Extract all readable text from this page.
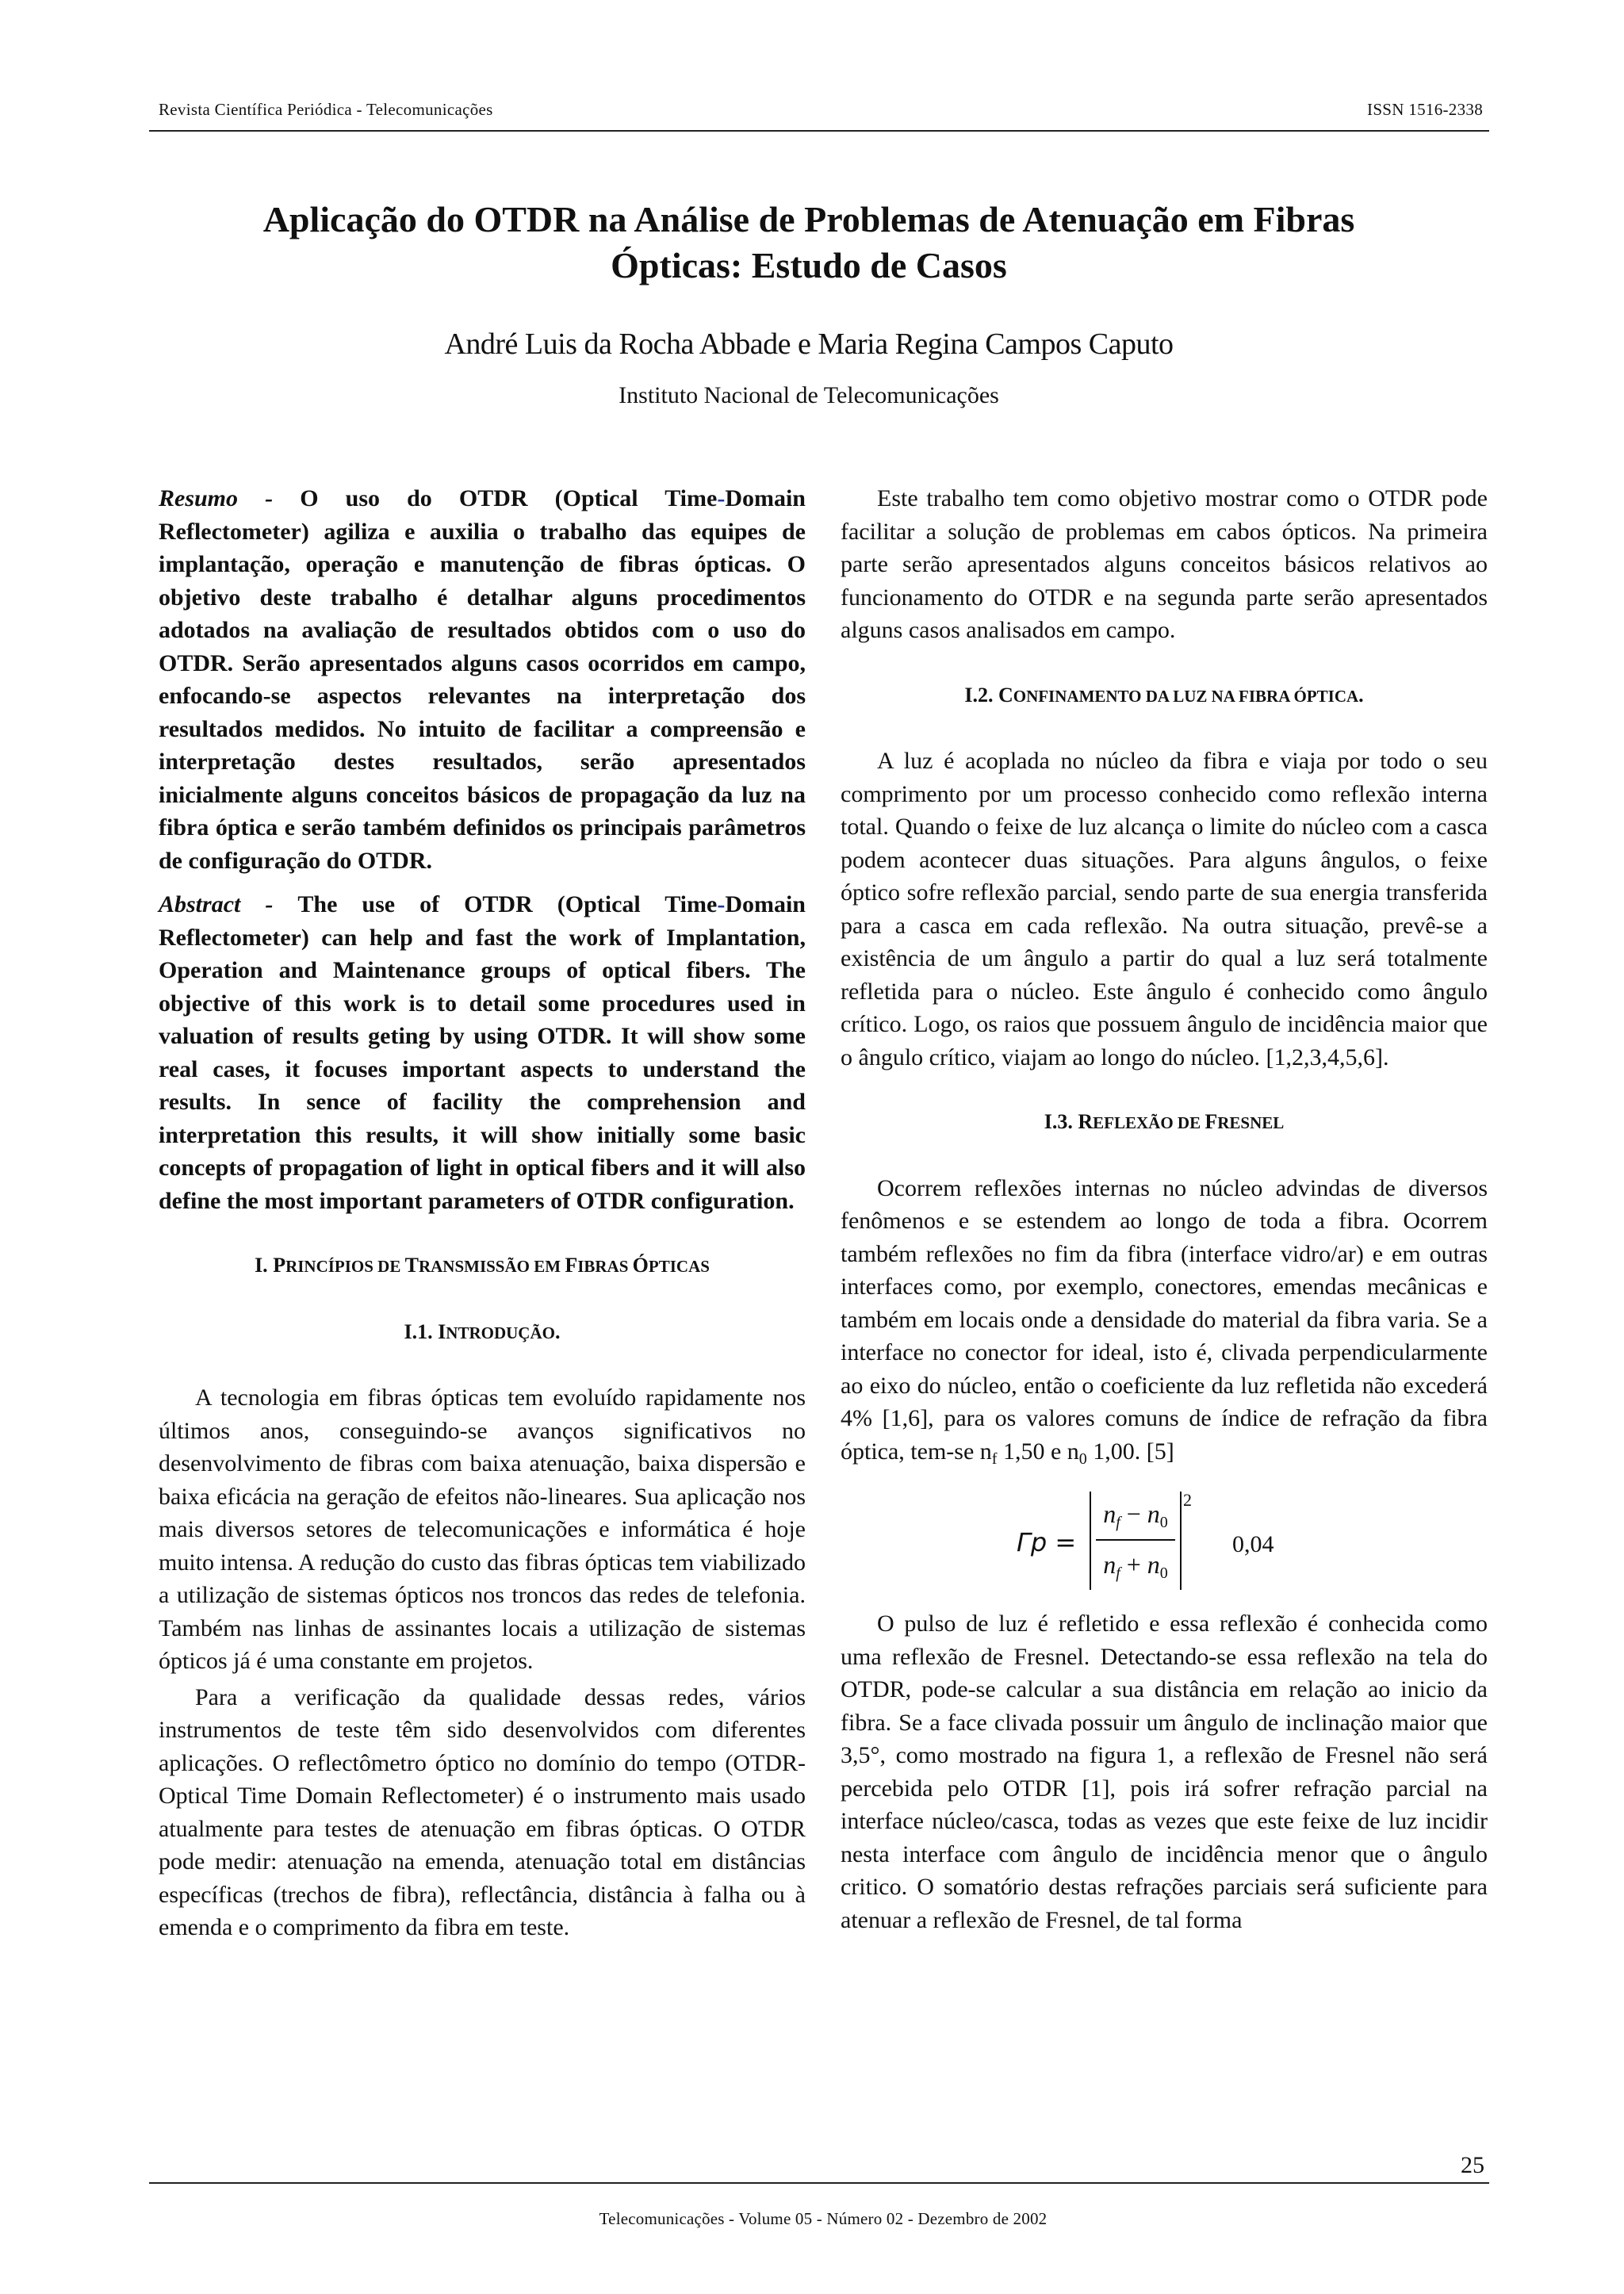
Revista Científica Periódica - Telecomunicações	ISSN 1516-2338
Aplicação do OTDR na Análise de Problemas de Atenuação em Fibras
Ópticas: Estudo de Casos
André Luis da Rocha Abbade e Maria Regina Campos Caputo
Instituto Nacional de Telecomunicações

Resumo - O uso do OTDR (Optical Time-Domain Reflectometer) agiliza e auxilia o trabalho das equipes de implantação, operação e manutenção de fibras ópticas. O objetivo deste trabalho é detalhar alguns procedimentos adotados na avaliação de resultados obtidos com o uso do OTDR. Serão apresentados alguns casos ocorridos em campo, enfocando-se aspectos relevantes na interpretação dos resultados medidos. No intuito de facilitar a compreensão e interpretação destes resultados, serão apresentados inicialmente alguns conceitos básicos de propagação da luz na fibra óptica e serão também definidos os principais parâmetros de configuração do OTDR.

Abstract - The use of OTDR (Optical Time-Domain Reflectometer) can help and fast the work of Implantation, Operation and Maintenance groups of optical fibers. The objective of this work is to detail some procedures used in valuation of results geting by using OTDR. It will show some real cases, it focuses important aspects to understand the results. In sence of facility the comprehension and interpretation this results, it will show initially some basic concepts of propagation of light in optical fibers and it will also define the most important parameters of OTDR configuration.

I. PRINCÍPIOS DE TRANSMISSÃO EM FIBRAS ÓPTICAS

I.1. INTRODUÇÃO.

A tecnologia em fibras ópticas tem evoluído rapidamente nos últimos anos, conseguindo-se avanços significativos no desenvolvimento de fibras com baixa atenuação, baixa dispersão e baixa eficácia na geração de efeitos não-lineares. Sua aplicação nos mais diversos setores de telecomunicações e informática é hoje muito intensa. A redução do custo das fibras ópticas tem viabilizado a utilização de sistemas ópticos nos troncos das redes de telefonia. Também nas linhas de assinantes locais a utilização de sistemas ópticos já é uma constante em projetos.

Para a verificação da qualidade dessas redes, vários instrumentos de teste têm sido desenvolvidos com diferentes aplicações. O reflectômetro óptico no domínio do tempo (OTDR-Optical Time Domain Reflectometer) é o instrumento mais usado atualmente para testes de atenuação em fibras ópticas. O OTDR pode medir: atenuação na emenda, atenuação total em distâncias específicas (trechos de fibra), reflectância, distância à falha ou à emenda e o comprimento da fibra em teste.

Este trabalho tem como objetivo mostrar como o OTDR pode facilitar a solução de problemas em cabos ópticos. Na primeira parte serão apresentados alguns conceitos básicos relativos ao funcionamento do OTDR e na segunda parte serão apresentados alguns casos analisados em campo.

I.2. CONFINAMENTO DA LUZ NA FIBRA ÓPTICA.

A luz é acoplada no núcleo da fibra e viaja por todo o seu comprimento por um processo conhecido como reflexão interna total. Quando o feixe de luz alcança o limite do núcleo com a casca podem acontecer duas situações. Para alguns ângulos, o feixe óptico sofre reflexão parcial, sendo parte de sua energia transferida para a casca em cada reflexão. Na outra situação, prevê-se a existência de um ângulo a partir do qual a luz será totalmente refletida para o núcleo. Este ângulo é conhecido como ângulo crítico. Logo, os raios que possuem ângulo de incidência maior que o ângulo crítico, viajam ao longo do núcleo. [1,2,3,4,5,6].

I.3. REFLEXÃO DE FRESNEL

Ocorrem reflexões internas no núcleo advindas de diversos fenômenos e se estendem ao longo de toda a fibra. Ocorrem também reflexões no fim da fibra (interface vidro/ar) e em outras interfaces como, por exemplo, conectores, emendas mecânicas e também em locais onde a densidade do material da fibra varia. Se a interface no conector for ideal, isto é, clivada perpendicularmente ao eixo do núcleo, então o coeficiente da luz refletida não excederá 4% [1,6], para os valores comuns de índice de refração da fibra óptica, tem-se $n_f$ 1,50 e $n_0$ 1,00. [5]

Γp =
$n_f - n_0$
$n_f + n_0$
2
0,04

O pulso de luz é refletido e essa reflexão é conhecida como uma reflexão de Fresnel. Detectando-se essa reflexão na tela do OTDR, pode-se calcular a sua distância em relação ao inicio da fibra. Se a face clivada possuir um ângulo de inclinação maior que 3,5°, como mostrado na figura 1, a reflexão de Fresnel não será percebida pelo OTDR [1], pois irá sofrer refração parcial na interface núcleo/casca, todas as vezes que este feixe de luz incidir nesta interface com ângulo de incidência menor que o ângulo critico. O somatório destas refrações parciais será suficiente para atenuar a reflexão de Fresnel, de tal forma

25
Telecomunicações - Volume 05 - Número 02 - Dezembro de 2002
